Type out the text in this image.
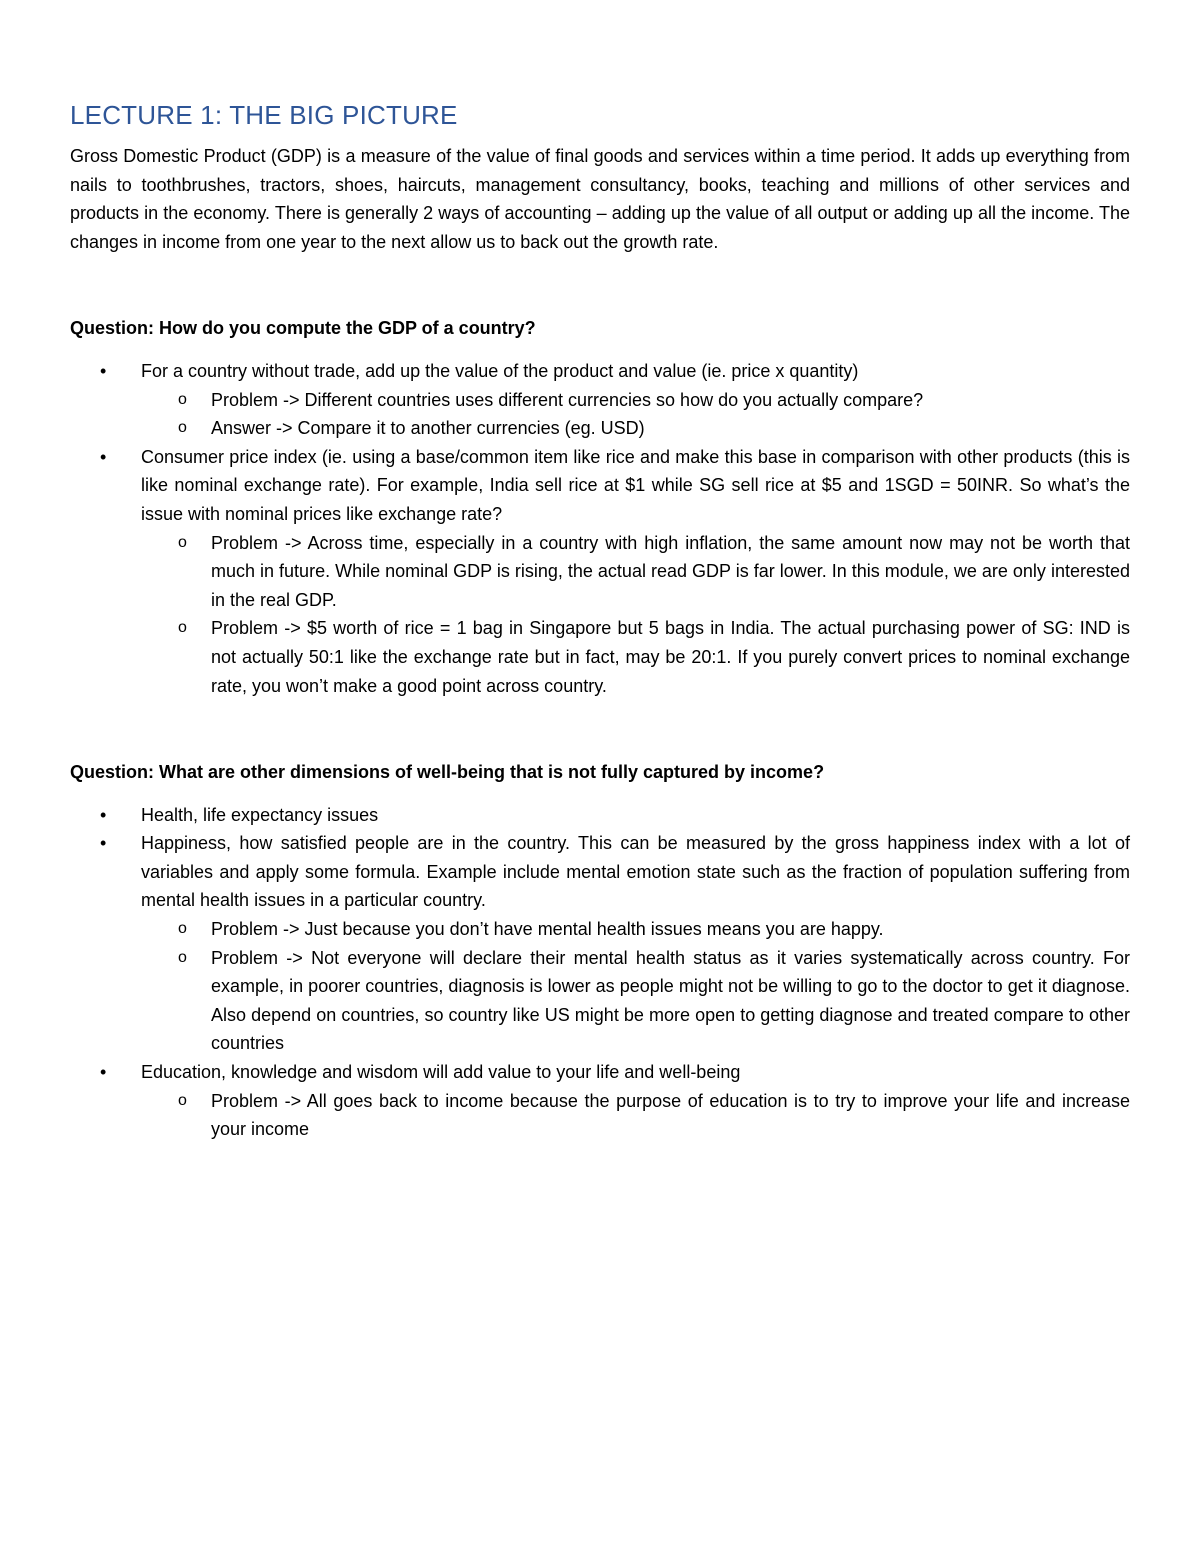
LECTURE 1: THE BIG PICTURE

Gross Domestic Product (GDP) is a measure of the value of final goods and services within a time period. It adds up everything from nails to toothbrushes, tractors, shoes, haircuts, management consultancy, books, teaching and millions of other services and products in the economy. There is generally 2 ways of accounting – adding up the value of all output or adding up all the income. The changes in income from one year to the next allow us to back out the growth rate.

Question: How do you compute the GDP of a country?

• For a country without trade, add up the value of the product and value (ie. price x quantity)
o Problem -> Different countries uses different currencies so how do you actually compare?
o Answer -> Compare it to another currencies (eg. USD)
• Consumer price index (ie. using a base/common item like rice and make this base in comparison with other products (this is like nominal exchange rate). For example, India sell rice at $1 while SG sell rice at $5 and 1SGD = 50INR. So what’s the issue with nominal prices like exchange rate?
o Problem -> Across time, especially in a country with high inflation, the same amount now may not be worth that much in future. While nominal GDP is rising, the actual read GDP is far lower. In this module, we are only interested in the real GDP.
o Problem -> $5 worth of rice = 1 bag in Singapore but 5 bags in India. The actual purchasing power of SG: IND is not actually 50:1 like the exchange rate but in fact, may be 20:1. If you purely convert prices to nominal exchange rate, you won’t make a good point across country.

Question: What are other dimensions of well-being that is not fully captured by income?

• Health, life expectancy issues
• Happiness, how satisfied people are in the country. This can be measured by the gross happiness index with a lot of variables and apply some formula. Example include mental emotion state such as the fraction of population suffering from mental health issues in a particular country.
o Problem -> Just because you don’t have mental health issues means you are happy.
o Problem -> Not everyone will declare their mental health status as it varies systematically across country. For example, in poorer countries, diagnosis is lower as people might not be willing to go to the doctor to get it diagnose. Also depend on countries, so country like US might be more open to getting diagnose and treated compare to other countries
• Education, knowledge and wisdom will add value to your life and well-being
o Problem -> All goes back to income because the purpose of education is to try to improve your life and increase your income
